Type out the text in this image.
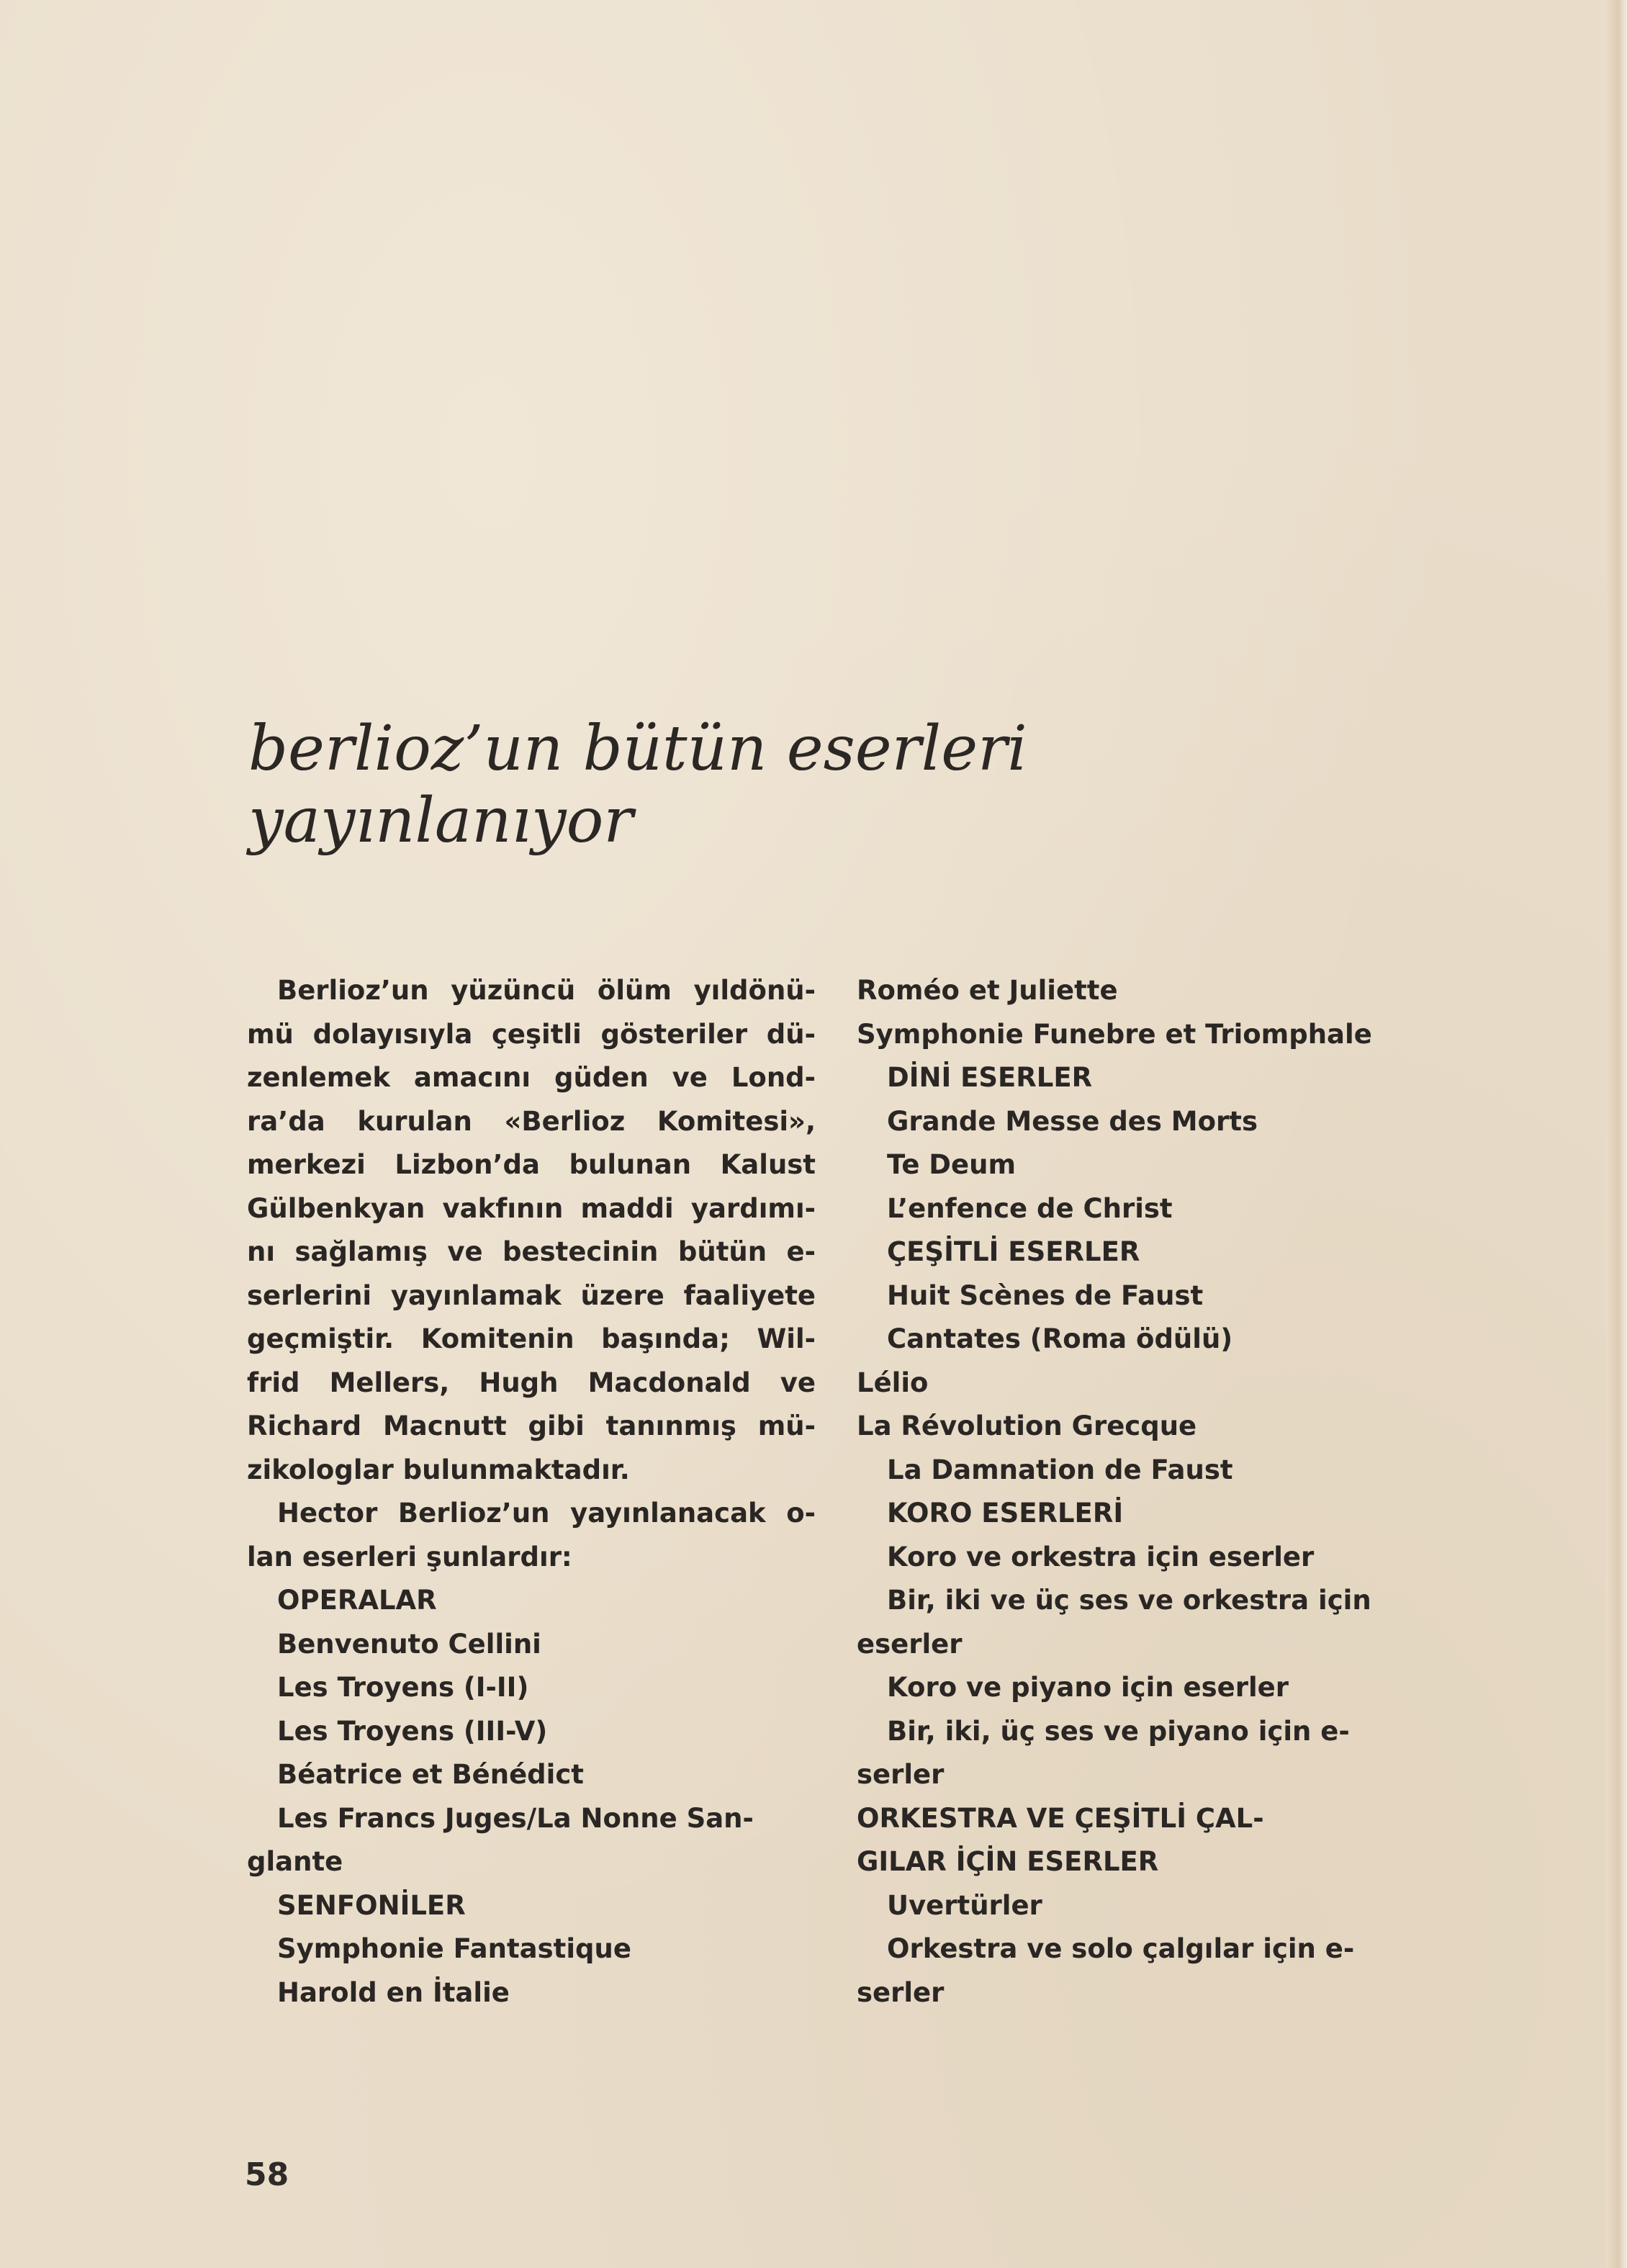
berlioz’un bütün eserleri
yayınlanıyor
Berlioz’un yüzüncü ölüm yıldönü-
mü dolayısıyla çeşitli gösteriler dü-
zenlemek amacını güden ve Lond-
ra’da kurulan «Berlioz Komitesi»,
merkezi Lizbon’da bulunan Kalust
Gülbenkyan vakfının maddi yardımı-
nı sağlamış ve bestecinin bütün e-
serlerini yayınlamak üzere faaliyete
geçmiştir. Komitenin başında; Wil-
frid Mellers, Hugh Macdonald ve
Richard Macnutt gibi tanınmış mü-
zikologlar bulunmaktadır.
Hector Berlioz’un yayınlanacak o-
lan eserleri şunlardır:
OPERALAR
Benvenuto Cellini
Les Troyens (I-II)
Les Troyens (III-V)
Béatrice et Bénédict
Les Francs Juges/La Nonne San-
glante
SENFONİLER
Symphonie Fantastique
Harold en İtalie
Roméo et Juliette
Symphonie Funebre et Triomphale
DİNİ ESERLER
Grande Messe des Morts
Te Deum
L’enfence de Christ
ÇEŞİTLİ ESERLER
Huit Scènes de Faust
Cantates (Roma ödülü)
Lélio
La Révolution Grecque
La Damnation de Faust
KORO ESERLERİ
Koro ve orkestra için eserler
Bir, iki ve üç ses ve orkestra için
eserler
Koro ve piyano için eserler
Bir, iki, üç ses ve piyano için e-
serler
ORKESTRA VE ÇEŞİTLİ ÇAL-
GILAR İÇİN ESERLER
Uvertürler
Orkestra ve solo çalgılar için e-
serler
58
